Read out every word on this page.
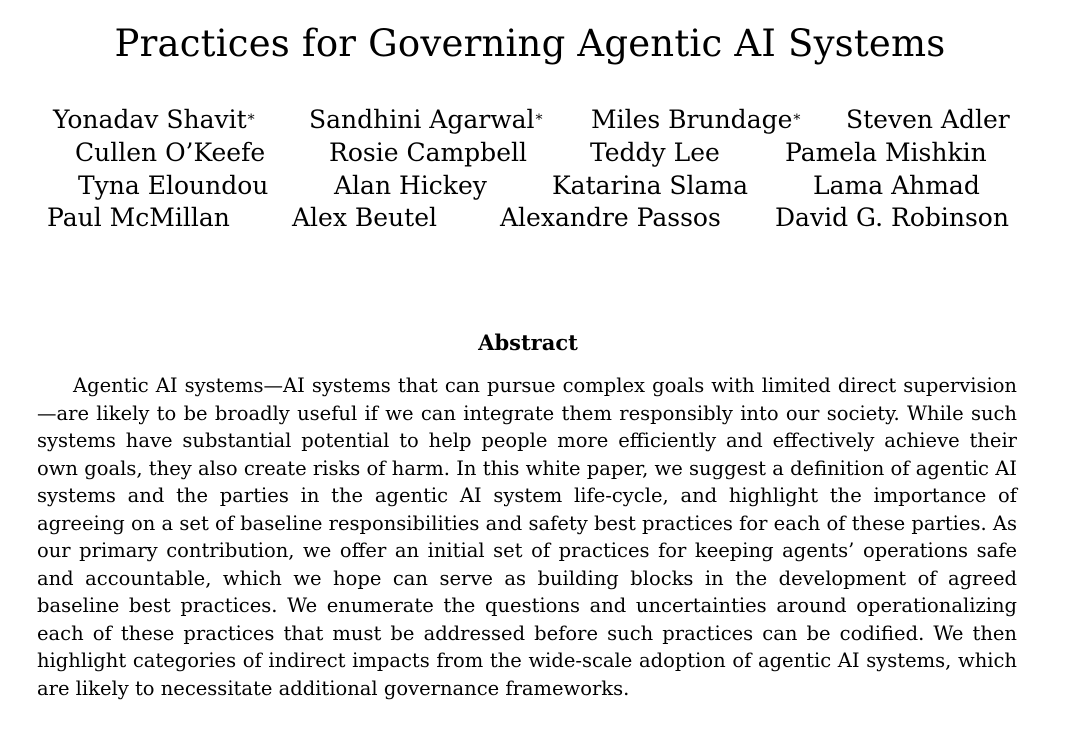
Practices for Governing Agentic AI Systems
Yonadav Shavit* Sandhini Agarwal* Miles Brundage* Steven Adler
Cullen O’Keefe	Rosie Campbell	Teddy Lee	Pamela Mishkin
Tyna Eloundou	Alan Hickey	Katarina Slama	Lama Ahmad
Paul McMillan Alex Beutel	Alexandre Passos David G. Robinson
Abstract

Agentic AI systems—AI systems that can pursue complex goals with limited direct supervision—are likely to be broadly useful if we can integrate them responsibly into our society. While such systems have substantial potential to help people more efficiently and effectively achieve their own goals, they also create risks of harm. In this white paper, we suggest a definition of agentic AI systems and the parties in the agentic AI system life-cycle, and highlight the importance of agreeing on a set of baseline responsibilities and safety best practices for each of these parties. As our primary contribution, we offer an initial set of practices for keeping agents’ operations safe and accountable, which we hope can serve as building blocks in the development of agreed baseline best practices. We enumerate the questions and uncertainties around operationalizing each of these practices that must be addressed before such practices can be codified. We then highlight categories of indirect impacts from the wide-scale adoption of agentic AI systems, which are likely to necessitate additional governance frameworks.
